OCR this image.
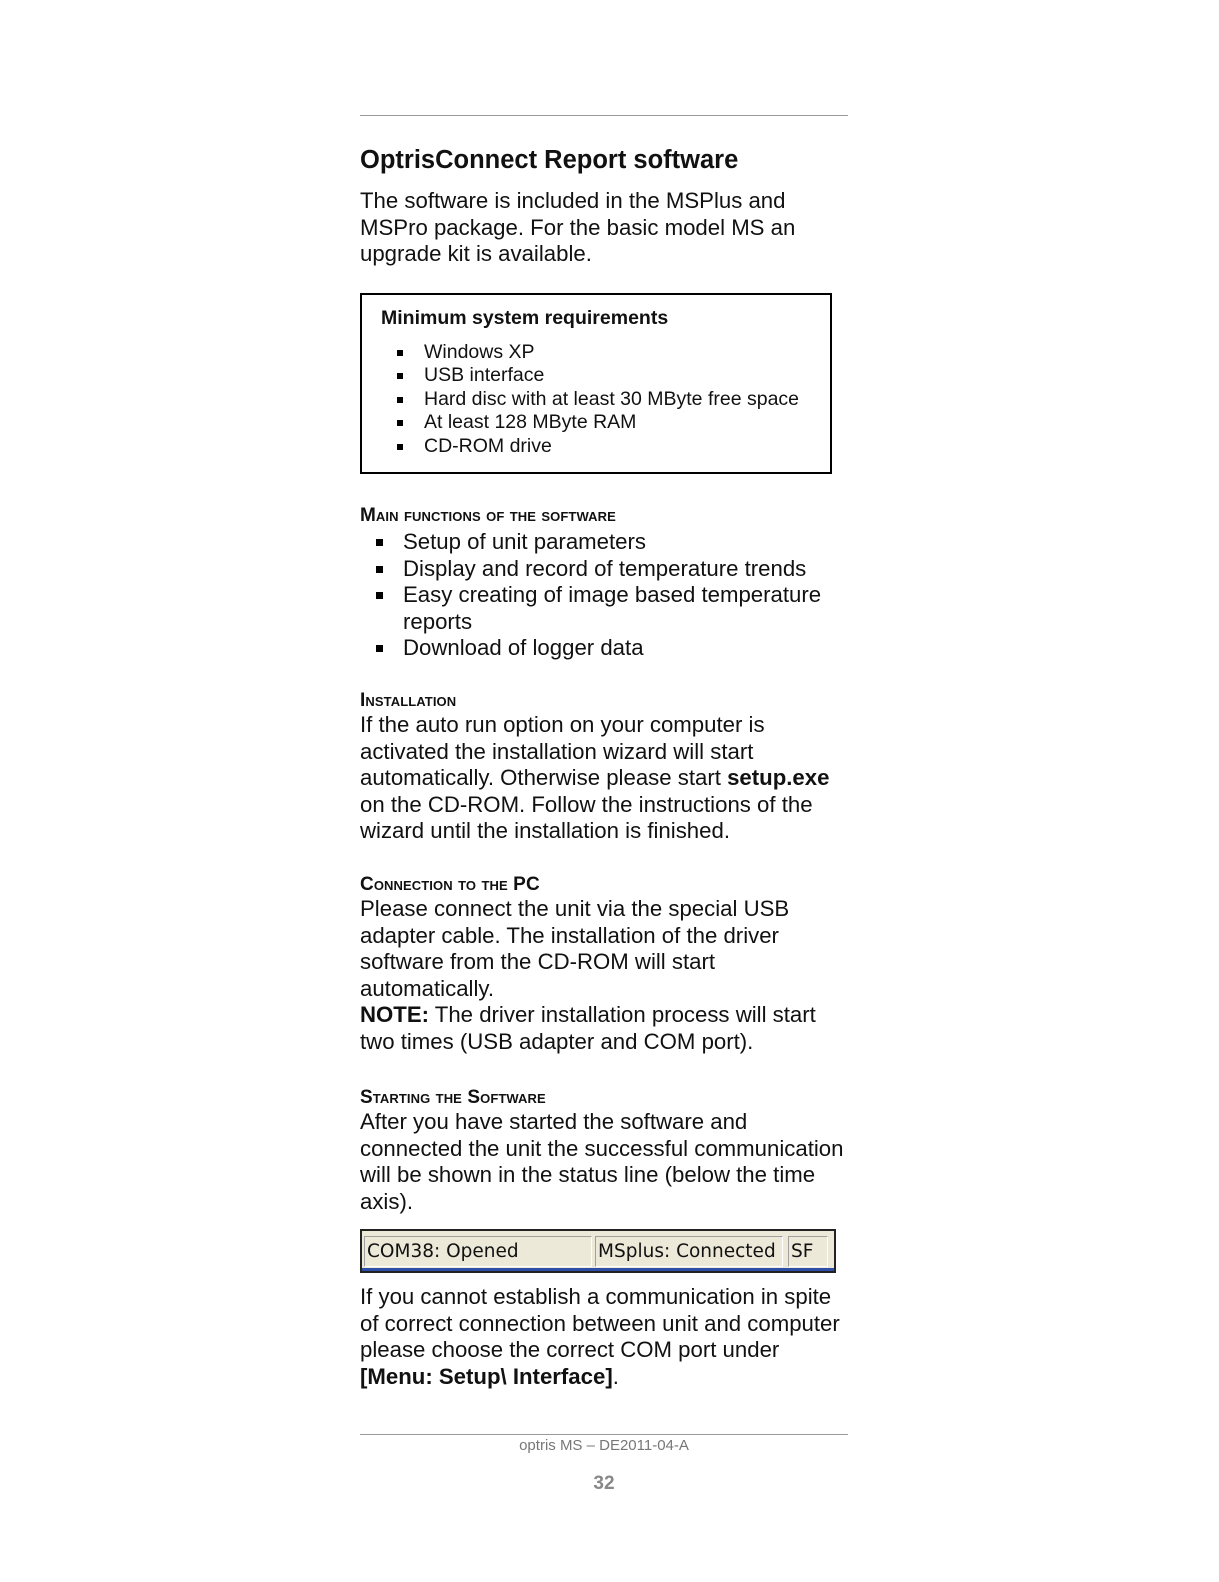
OptrisConnect Report software

The software is included in the MSPlus and MSPro package. For the basic model MS an upgrade kit is available.

Minimum system requirements
Windows XP
USB interface
Hard disc with at least 30 MByte free space
At least 128 MByte RAM
CD-ROM drive
Main functions of the software
Setup of unit parameters
Display and record of temperature trends
Easy creating of image based temperature reports
Download of logger data
Installation

If the auto run option on your computer is activated the installation wizard will start automatically. Otherwise please start setup.exe on the CD-ROM. Follow the instructions of the wizard until the installation is finished.

Connection to the PC

Please connect the unit via the special USB adapter cable. The installation of the driver software from the CD-ROM will start automatically.

NOTE: The driver installation process will start two times (USB adapter and COM port).

Starting the Software

After you have started the software and connected the unit the successful communication will be shown in the status line (below the time axis).

COM38: Opened	MSplus: Connected SF

If you cannot establish a communication in spite of correct connection between unit and computer please choose the correct COM port under [Menu: Setup\ Interface].

optris MS – DE2011-04-A
32
